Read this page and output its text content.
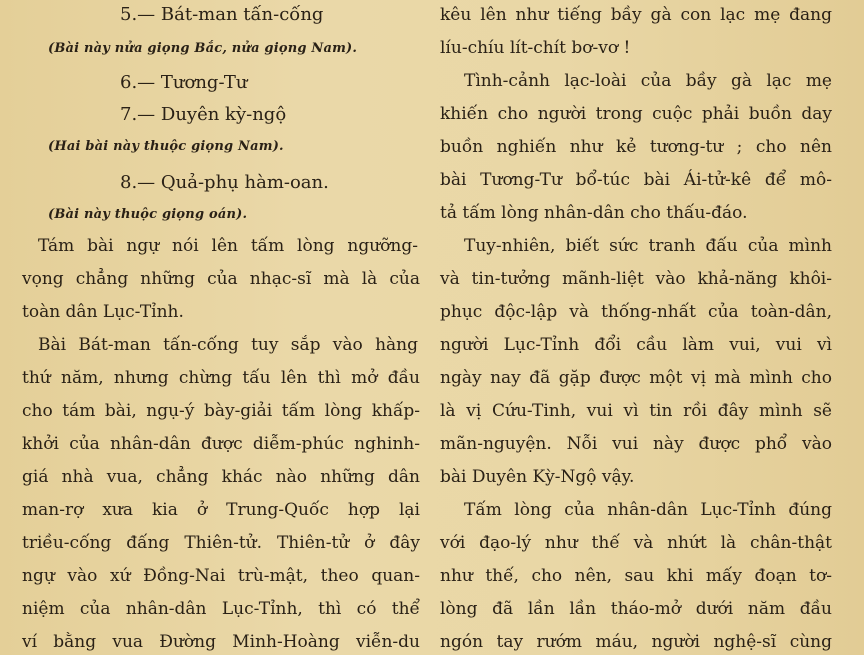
5.— Bát-man tấn-cống
(Bài này nửa giọng Bắc, nửa giọng Nam).
6.— Tương-Tư
7.— Duyên kỳ-ngộ
(Hai bài này thuộc giọng Nam).
8.— Quả-phụ hàm-oan.
(Bài này thuộc giọng oán).
Tám bài ngự nói lên tấm lòng ngưỡng-
vọng chẳng những của nhạc-sĩ mà là của
toàn dân Lục-Tỉnh.
Bài Bát-man tấn-cống tuy sắp vào hàng
thứ năm, nhưng chừng tấu lên thì mở đầu
cho tám bài, ngụ-ý bày-giải tấm lòng khấp-
khởi của nhân-dân được diễm-phúc nghinh-
giá nhà vua, chẳng khác nào những dân
man-rợ xưa kia ở Trung-Quốc hợp lại
triều-cống đấng Thiên-tử. Thiên-tử ở đây
ngự vào xứ Đồng-Nai trù-mật, theo quan-
niệm của nhân-dân Lục-Tỉnh, thì có thể
ví bằng vua Đường Minh-Hoàng viễn-du
kêu lên như tiếng bầy gà con lạc mẹ đang
líu-chíu lít-chít bơ-vơ !
Tình-cảnh lạc-loài của bầy gà lạc mẹ
khiến cho người trong cuộc phải buồn day
buồn nghiến như kẻ tương-tư ; cho nên
bài Tương-Tư bổ-túc bài Ái-tử-kê để mô-
tả tấm lòng nhân-dân cho thấu-đáo.
Tuy-nhiên, biết sức tranh đấu của mình
và tin-tưởng mãnh-liệt vào khả-năng khôi-
phục độc-lập và thống-nhất của toàn-dân,
người Lục-Tỉnh đổi cầu làm vui, vui vì
ngày nay đã gặp được một vị mà mình cho
là vị Cứu-Tinh, vui vì tin rồi đây mình sẽ
mãn-nguyện. Nỗi vui này được phổ vào
bài Duyên Kỳ-Ngộ vậy.
Tấm lòng của nhân-dân Lục-Tỉnh đúng
với đạo-lý như thế và nhứt là chân-thật
như thế, cho nên, sau khi mấy đoạn tơ-
lòng đã lần lần tháo-mở dưới năm đầu
ngón tay rướm máu, người nghệ-sĩ cùng
